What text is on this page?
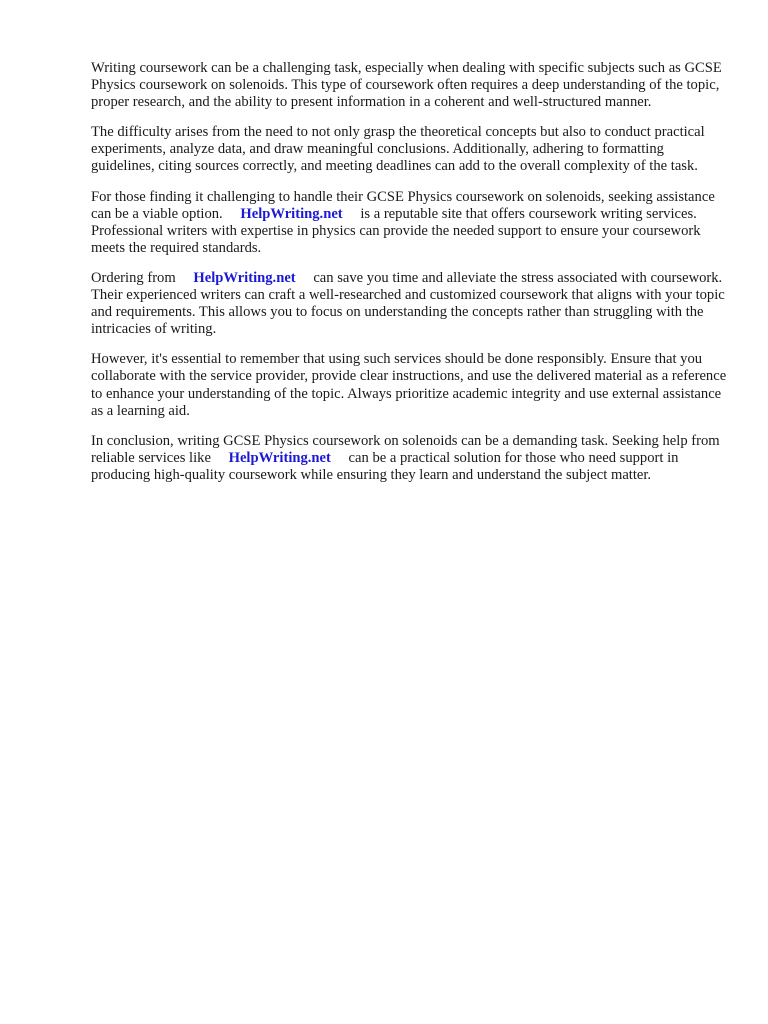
Writing coursework can be a challenging task, especially when dealing with specific subjects such as GCSE Physics coursework on solenoids. This type of coursework often requires a deep understanding of the topic, proper research, and the ability to present information in a coherent and well-structured manner.

The difficulty arises from the need to not only grasp the theoretical concepts but also to conduct practical experiments, analyze data, and draw meaningful conclusions. Additionally, adhering to formatting guidelines, citing sources correctly, and meeting deadlines can add to the overall complexity of the task.

For those finding it challenging to handle their GCSE Physics coursework on solenoids, seeking assistance can be a viable option. HelpWriting.net is a reputable site that offers coursework writing services. Professional writers with expertise in physics can provide the needed support to ensure your coursework meets the required standards.

Ordering from HelpWriting.net can save you time and alleviate the stress associated with coursework. Their experienced writers can craft a well-researched and customized coursework that aligns with your topic and requirements. This allows you to focus on understanding the concepts rather than struggling with the intricacies of writing.

However, it's essential to remember that using such services should be done responsibly. Ensure that you collaborate with the service provider, provide clear instructions, and use the delivered material as a reference to enhance your understanding of the topic. Always prioritize academic integrity and use external assistance as a learning aid.

In conclusion, writing GCSE Physics coursework on solenoids can be a demanding task. Seeking help from reliable services like HelpWriting.net can be a practical solution for those who need support in producing high-quality coursework while ensuring they learn and understand the subject matter.
